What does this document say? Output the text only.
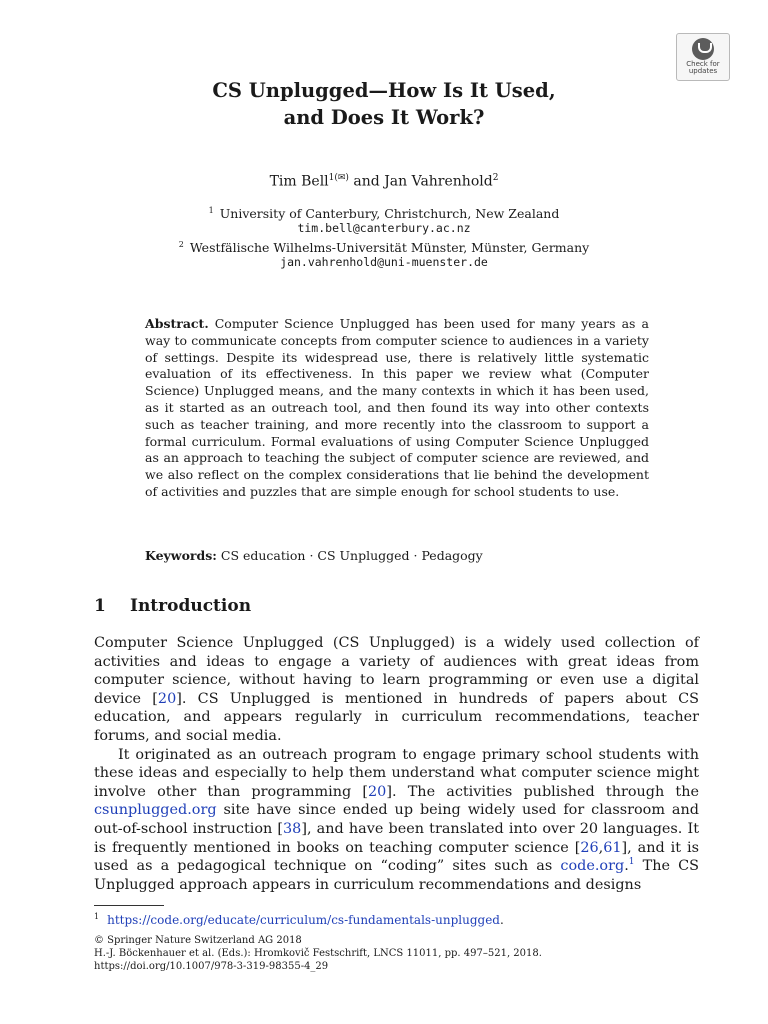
Check for
updates
CS Unplugged—How Is It Used,
and Does It Work?
Tim Bell$^{1(✉)}$ and Jan Vahrenhold$^2$
$^1$ University of Canterbury, Christchurch, New Zealand
tim.bell@canterbury.ac.nz
$^2$ Westfälische Wilhelms-Universität Münster, Münster, Germany
jan.vahrenhold@uni-muenster.de
Abstract. Computer Science Unplugged has been used for many years as a way to communicate concepts from computer science to audiences in a variety of settings. Despite its widespread use, there is relatively little systematic evaluation of its effectiveness. In this paper we review what (Computer Science) Unplugged means, and the many contexts in which it has been used, as it started as an outreach tool, and then found its way into other contexts such as teacher training, and more recently into the classroom to support a formal curriculum. Formal evaluations of using Computer Science Unplugged as an approach to teaching the subject of computer science are reviewed, and we also reflect on the complex considerations that lie behind the development of activities and puzzles that are simple enough for school students to use.
Keywords: CS education · CS Unplugged · Pedagogy
1 Introduction

Computer Science Unplugged (CS Unplugged) is a widely used collection of activities and ideas to engage a variety of audiences with great ideas from computer science, without having to learn programming or even use a digital device [20]. CS Unplugged is mentioned in hundreds of papers about CS education, and appears regularly in curriculum recommendations, teacher forums, and social media.

It originated as an outreach program to engage primary school students with these ideas and especially to help them understand what computer science might involve other than programming [20]. The activities published through the csunplugged.org site have since ended up being widely used for classroom and out-of-school instruction [38], and have been translated into over 20 languages. It is frequently mentioned in books on teaching computer science [26,61], and it is used as a pedagogical technique on “coding” sites such as code.org.$^1$ The CS Unplugged approach appears in curriculum recommendations and designs

$^1$ https://code.org/educate/curriculum/cs-fundamentals-unplugged.
© Springer Nature Switzerland AG 2018
H.-J. Böckenhauer et al. (Eds.): Hromkovič Festschrift, LNCS 11011, pp. 497–521, 2018.
https://doi.org/10.1007/978-3-319-98355-4_29
